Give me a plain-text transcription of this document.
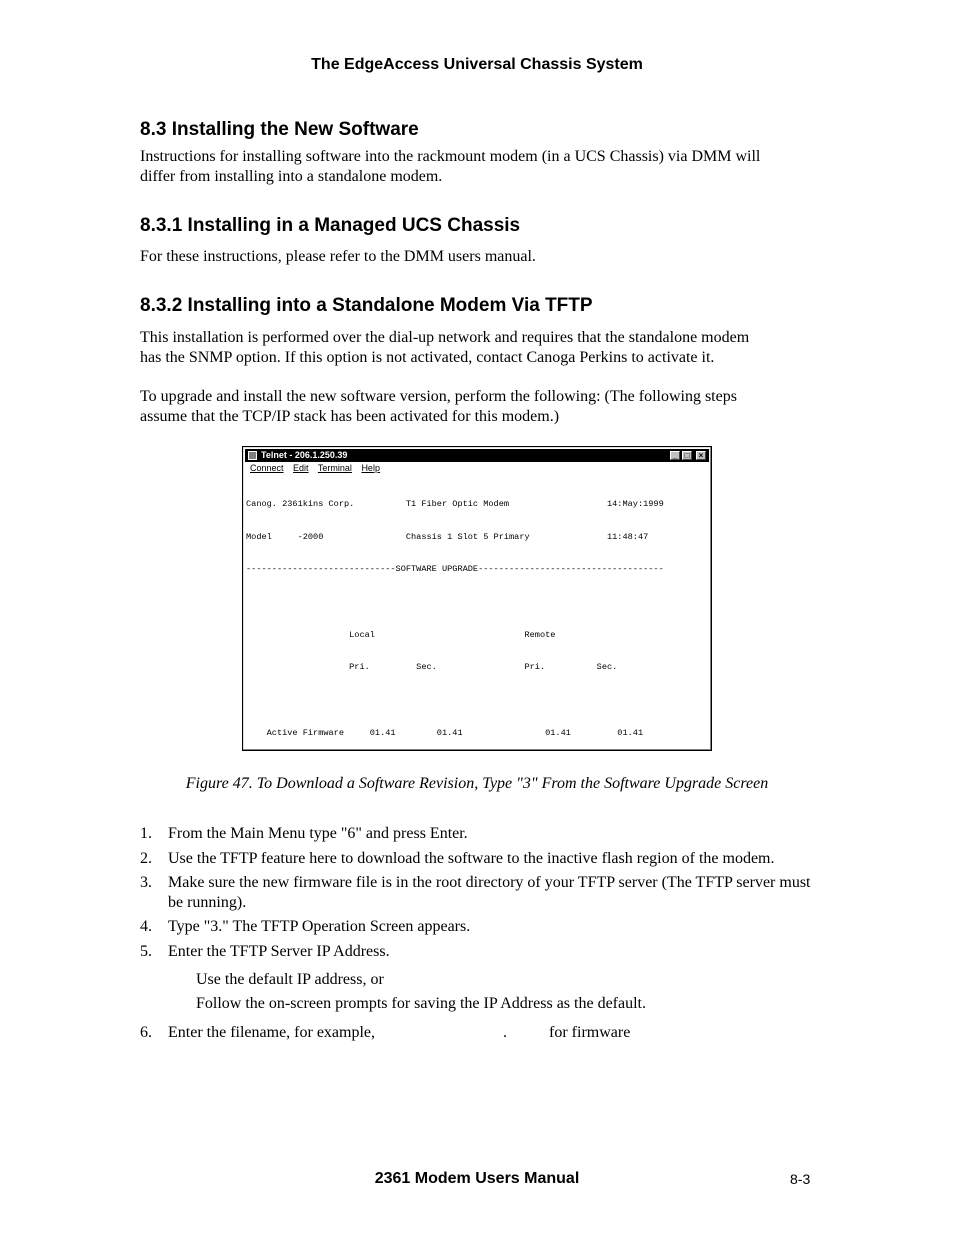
The EdgeAccess Universal Chassis System
8.3 Installing the New Software
Instructions for installing software into the rackmount modem (in a UCS Chassis) via DMM will
differ from installing into a standalone modem.
8.3.1 Installing in a Managed UCS Chassis
For these instructions, please refer to the DMM users manual.
8.3.2 Installing into a Standalone Modem Via TFTP
This installation is performed over the dial-up network and requires that the standalone modem
has the SNMP option. If this option is not activated, contact Canoga Perkins to activate it.
To upgrade and install the new software version, perform the following: (The following steps
assume that the TCP/IP stack has been activated for this modem.)
Telnet - 206.1.250.39	_ □	×
Connect Edit Terminal Help

Canog. 2361kins Corp.          T1 Fiber Optic Modem                   14:May:1999

Model     -2000                Chassis 1 Slot 5 Primary               11:48:47

-----------------------------SOFTWARE UPGRADE------------------------------------

Local                             Remote

Pri.         Sec.                 Pri.          Sec.

Active Firmware     01.41        01.41                01.41         01.41

Figure 47. To Download a Software Revision, Type "3" From the Software Upgrade Screen
1. From the Main Menu type "6" and press Enter.
2. Use the TFTP feature here to download the software to the inactive flash region of the modem.
3. Make sure the new firmware file is in the root directory of your TFTP server (The TFTP server must be running).
4. Type "3." The TFTP Operation Screen appears.
5. Enter the TFTP Server IP Address.
Use the default IP address, or
Follow the on-screen prompts for saving the IP Address as the default.
6. Enter the filename, for example,	.	for firmware
2361 Modem Users Manual	8-3
